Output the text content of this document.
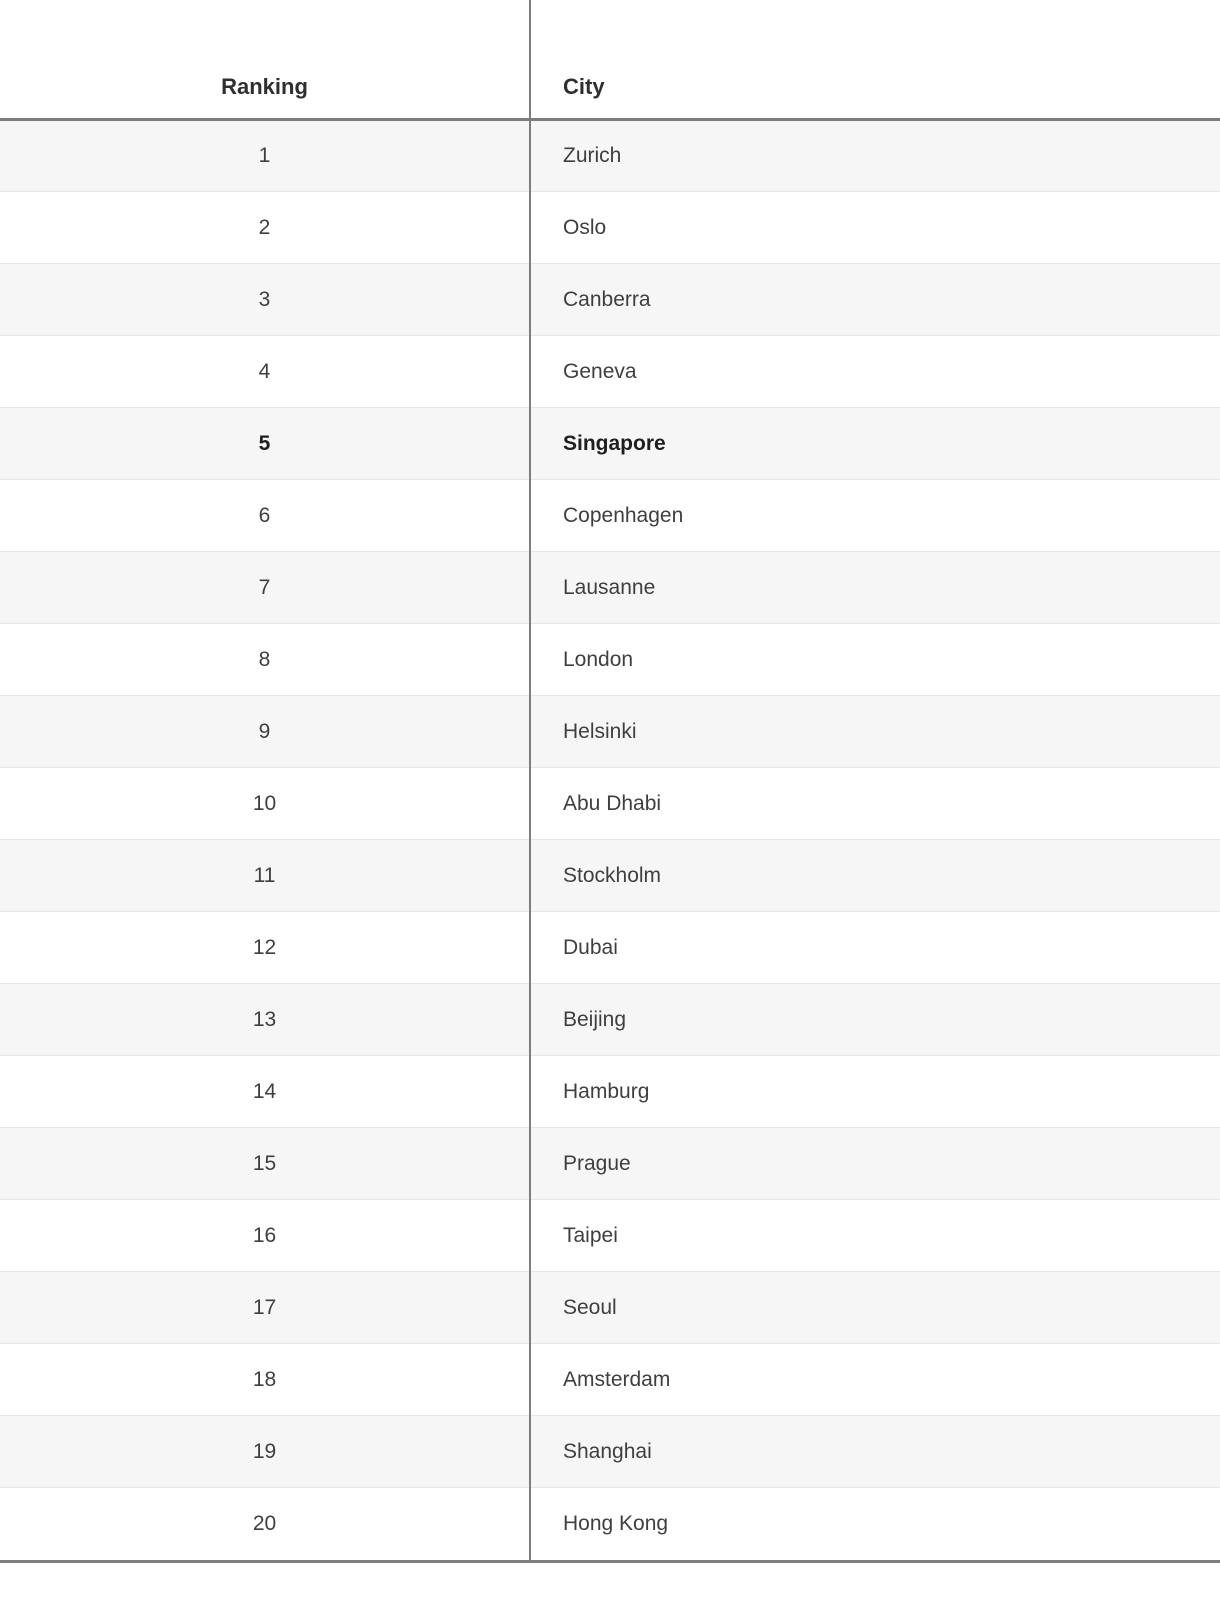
Ranking	City
1	Zurich
2	Oslo
3	Canberra
4	Geneva
5	Singapore
6	Copenhagen
7	Lausanne
8	London
9	Helsinki
10	Abu Dhabi
11	Stockholm
12	Dubai
13	Beijing
14	Hamburg
15	Prague
16	Taipei
17	Seoul
18	Amsterdam
19	Shanghai
20	Hong Kong
